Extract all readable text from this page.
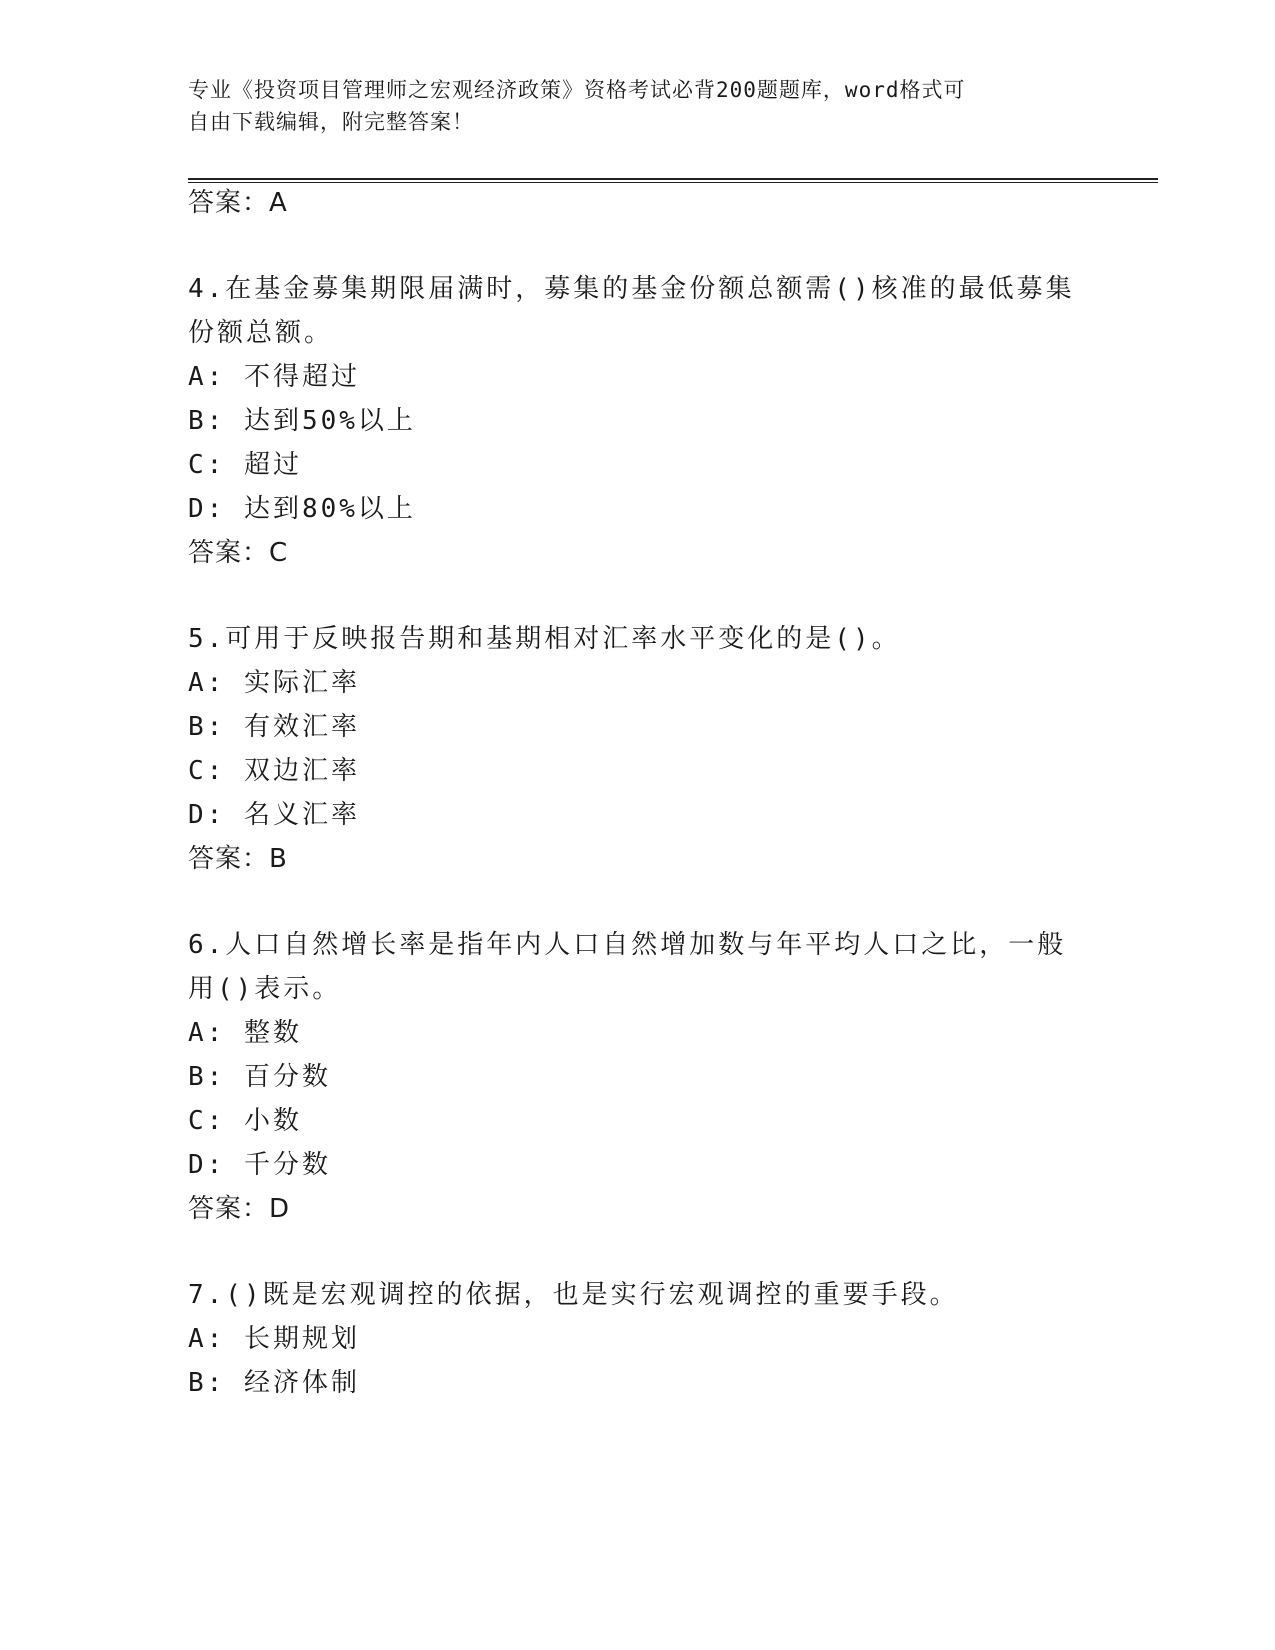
专业《投资项目管理师之宏观经济政策》资格考试必背200题题库，word格式可
自由下载编辑，附完整答案！
答案：A
4.在基金募集期限届满时，募集的基金份额总额需()核准的最低募集
份额总额。
A: 不得超过
B: 达到50%以上
C: 超过
D: 达到80%以上
答案：C
5.可用于反映报告期和基期相对汇率水平变化的是()。
A: 实际汇率
B: 有效汇率
C: 双边汇率
D: 名义汇率
答案：B
6.人口自然增长率是指年内人口自然增加数与年平均人口之比，一般
用()表示。
A: 整数
B: 百分数
C: 小数
D: 千分数
答案：D
7.()既是宏观调控的依据，也是实行宏观调控的重要手段。
A: 长期规划
B: 经济体制
